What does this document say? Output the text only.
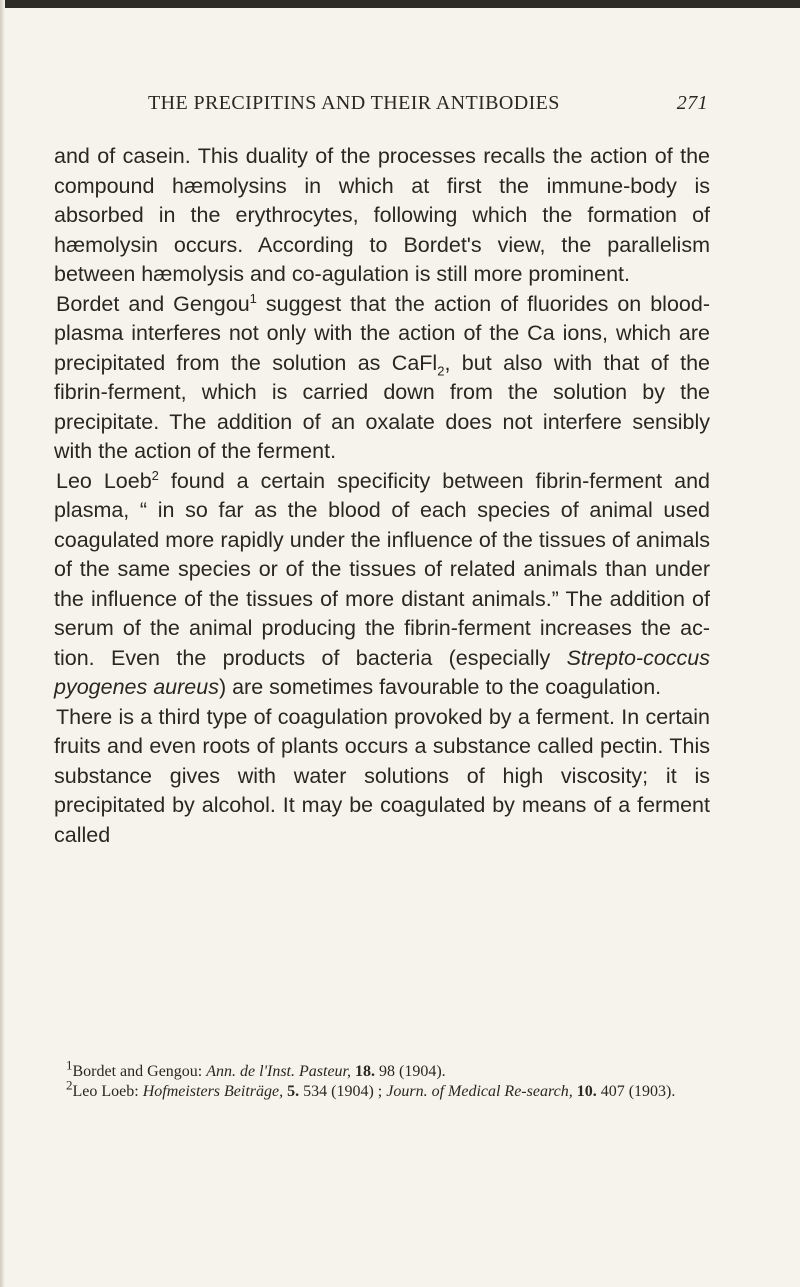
THE PRECIPITINS AND THEIR ANTIBODIES	271

and of casein. This duality of the processes recalls the action of the compound hæmolysins in which at first the immune-body is absorbed in the erythrocytes, following which the formation of hæmolysin occurs. According to Bordet's view, the parallelism between hæmolysis and co-agulation is still more prominent.

Bordet and Gengou$^1$ suggest that the action of fluorides on blood-plasma interferes not only with the action of the Ca ions, which are precipitated from the solution as CaFl$_2$, but also with that of the fibrin-ferment, which is carried down from the solution by the precipitate. The addition of an oxalate does not interfere sensibly with the action of the ferment.

Leo Loeb$^2$ found a certain specificity between fibrin-ferment and plasma, “ in so far as the blood of each species of animal used coagulated more rapidly under the influence of the tissues of animals of the same species or of the tissues of related animals than under the influence of the tissues of more distant animals.” The addition of serum of the animal producing the fibrin-ferment increases the ac-tion. Even the products of bacteria (especially Strepto-coccus pyogenes aureus) are sometimes favourable to the coagulation.

There is a third type of coagulation provoked by a ferment. In certain fruits and even roots of plants occurs a substance called pectin. This substance gives with water solutions of high viscosity; it is precipitated by alcohol. It may be coagulated by means of a ferment called

$^1$Bordet and Gengou: Ann. de l'Inst. Pasteur, 18. 98 (1904).

$^2$Leo Loeb: Hofmeisters Beiträge, 5. 534 (1904) ; Journ. of Medical Re-search, 10. 407 (1903).
